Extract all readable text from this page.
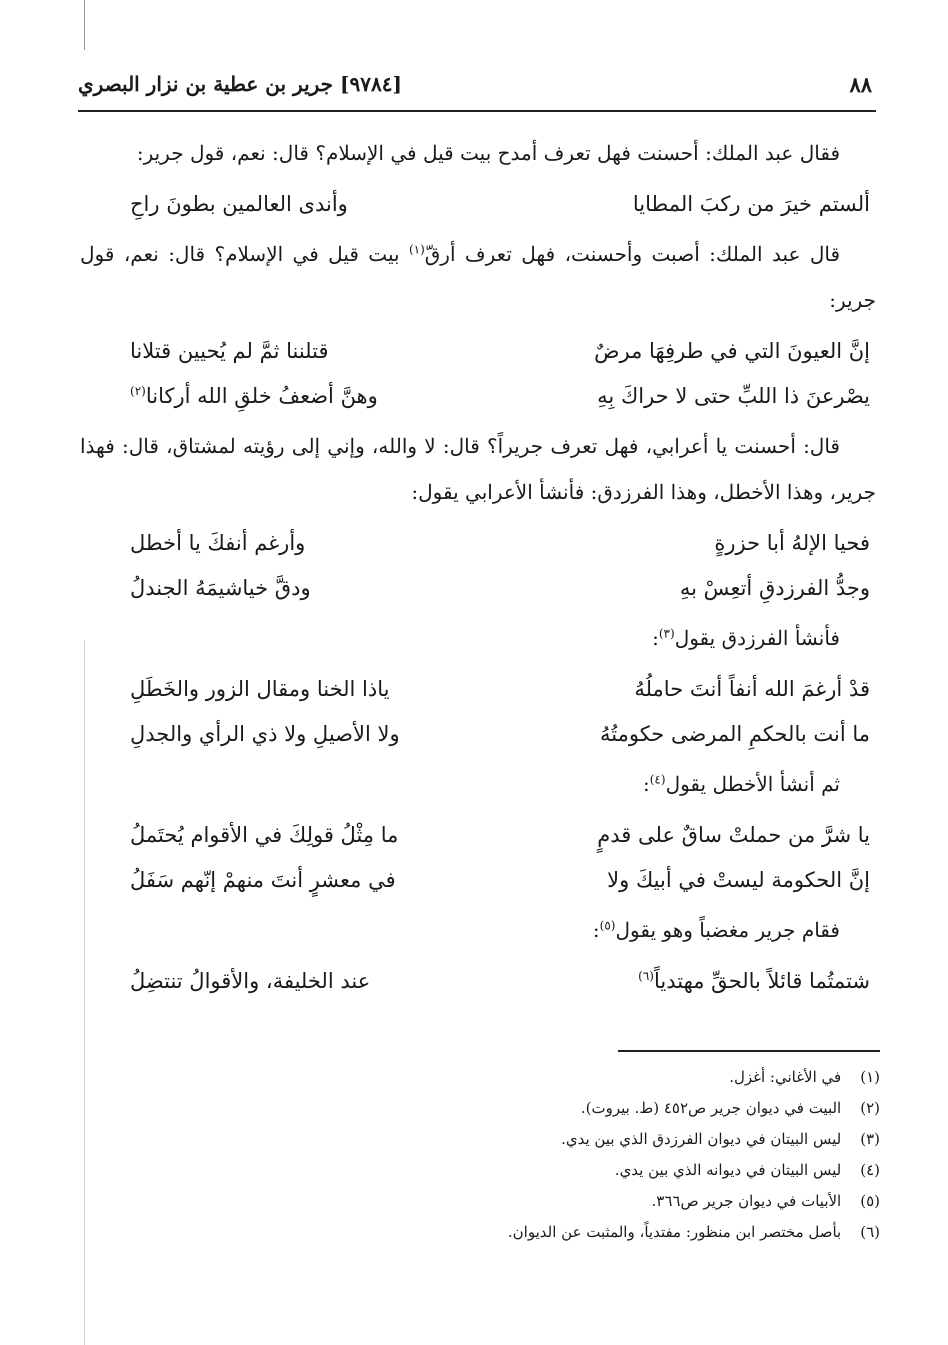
٨٨
[٩٧٨٤] جرير بن عطية بن نزار البصري

فقال عبد الملك: أحسنت فهل تعرف أمدح بيت قيل في الإسلام؟ قال: نعم، قول جرير:

ألستم خيرَ من ركبَ المطايا
وأندى العالمين بطونَ راحِ

قال عبد الملك: أصبت وأحسنت، فهل تعرف أرقّ$^{(١)}$ بيت قيل في الإسلام؟ قال: نعم، قول جرير:

إنَّ العيونَ التي في طرفِهَا مرضٌ
قتلننا ثمَّ لم يُحيين قتلانا
يصْرعنَ ذا اللبِّ حتى لا حراكَ بِهِ
وهنَّ أضعفُ خلقِ الله أركانا$^{(٢)}$

قال: أحسنت يا أعرابي، فهل تعرف جريراً؟ قال: لا والله، وإني إلى رؤيته لمشتاق، قال: فهذا جرير، وهذا الأخطل، وهذا الفرزدق: فأنشأ الأعرابي يقول:

فحيا الإلهُ أبا حزرةٍ
وأرغم أنفكَ يا أخطل
وجدُّ الفرزدقِ أتعِسْ بهِ
ودقَّ خياشيمَهُ الجندلُ
فأنشأ الفرزدق يقول$^{(٣)}$:
قدْ أرغمَ الله أنفاً أنتَ حاملُهُ
ياذا الخنا ومقال الزور والخَطَلِ
ما أنت بالحكمِ المرضى حكومتُهُ
ولا الأصيلِ ولا ذي الرأي والجدلِ
ثم أنشأ الأخطل يقول$^{(٤)}$:
يا شرَّ من حملتْ ساقٌ على قدمٍ
ما مِثْلُ قولِكَ في الأقوام يُحتَملُ
إنَّ الحكومة ليستْ في أبيكَ ولا
في معشرٍ أنتَ منهمْ إنّهم سَفَلُ
فقام جرير مغضباً وهو يقول$^{(٥)}$:
شتمتُما قائلاً بالحقِّ مهتدياً$^{(٦)}$
عند الخليفة، والأقوالُ تنتضِلُ
(١) في الأغاني: أغزل.
(٢) البيت في ديوان جرير ص٤٥٢ (ط. بيروت).
(٣) ليس البيتان في ديوان الفرزدق الذي بين يدي.
(٤) ليس البيتان في ديوانه الذي بين يدي.
(٥) الأبيات في ديوان جرير ص٣٦٦.
(٦) بأصل مختصر ابن منظور: مفتدياً، والمثبت عن الديوان.
